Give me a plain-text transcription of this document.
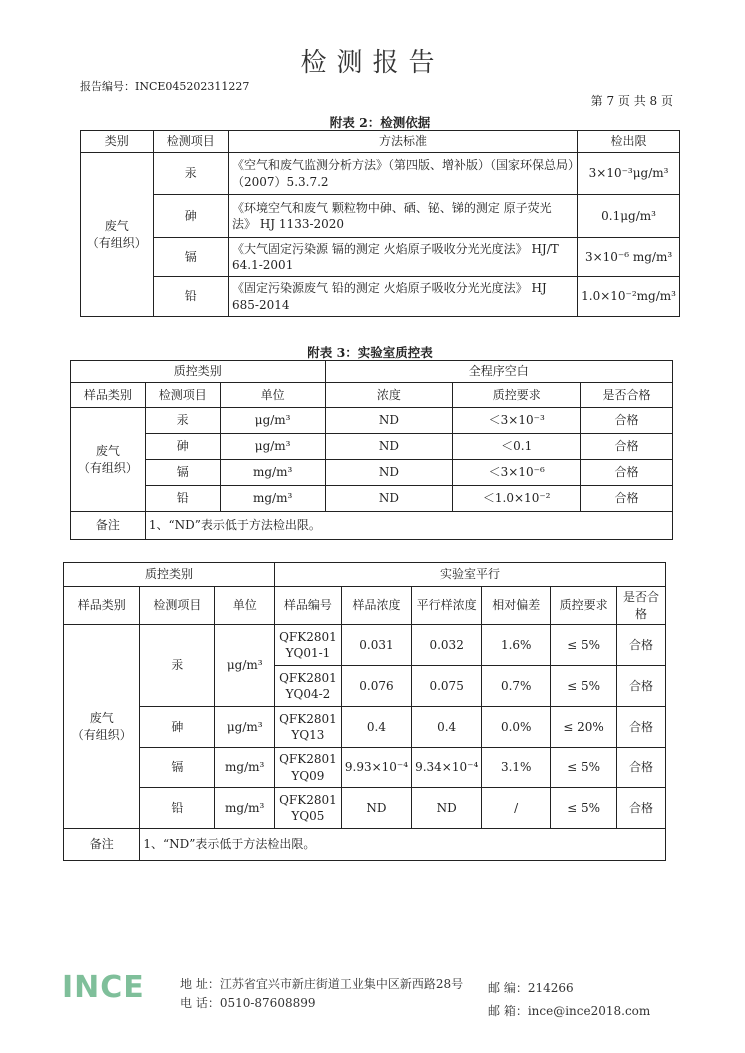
检测报告
报告编号：INCE045202311227
第 7 页 共 8 页
附表 2：检测依据
类别	检测项目	方法标准	检出限
废气
（有组织）	汞	《空气和废气监测分析方法》（第四版、增补版）（国家环保总局）（2007）5.3.7.2	3×10⁻³μg/m³
	砷	《环境空气和废气 颗粒物中砷、硒、铋、锑的测定 原子荧光法》 HJ 1133-2020	0.1μg/m³
	镉	《大气固定污染源 镉的测定 火焰原子吸收分光光度法》 HJ/T 64.1-2001	3×10⁻⁶ mg/m³
	铅	《固定污染源废气 铅的测定 火焰原子吸收分光光度法》 HJ 685-2014	1.0×10⁻²mg/m³
附表 3：实验室质控表
质控类别			全程序空白		
样品类别	检测项目	单位	浓度	质控要求	是否合格
废气
（有组织）	汞	μg/m³	ND	＜3×10⁻³	合格
	砷	μg/m³	ND	＜0.1	合格
	镉	mg/m³	ND	＜3×10⁻⁶	合格
	铅	mg/m³	ND	＜1.0×10⁻²	合格
备注	1、“ND”表示低于方法检出限。				
质控类别			实验室平行					
样品类别	检测项目	单位	样品编号	样品浓度	平行样浓度	相对偏差	质控要求	是否合格
废气
（有组织）	汞	μg/m³	QFK2801
YQ01-1	0.031	0.032	1.6%	≤ 5%	合格
			QFK2801
YQ04-2	0.076	0.075	0.7%	≤ 5%	合格
	砷	μg/m³	QFK2801
YQ13	0.4	0.4	0.0%	≤ 20%	合格
	镉	mg/m³	QFK2801
YQ09	9.93×10⁻⁴	9.34×10⁻⁴	3.1%	≤ 5%	合格
	铅	mg/m³	QFK2801
YQ05	ND	ND	/	≤ 5%	合格
备注	1、“ND”表示低于方法检出限。							
INCE	地 址：江苏省宜兴市新庄街道工业集中区新西路28号 邮 编：214266
电 话：0510-87608899
邮 箱：ince@ince2018.com
